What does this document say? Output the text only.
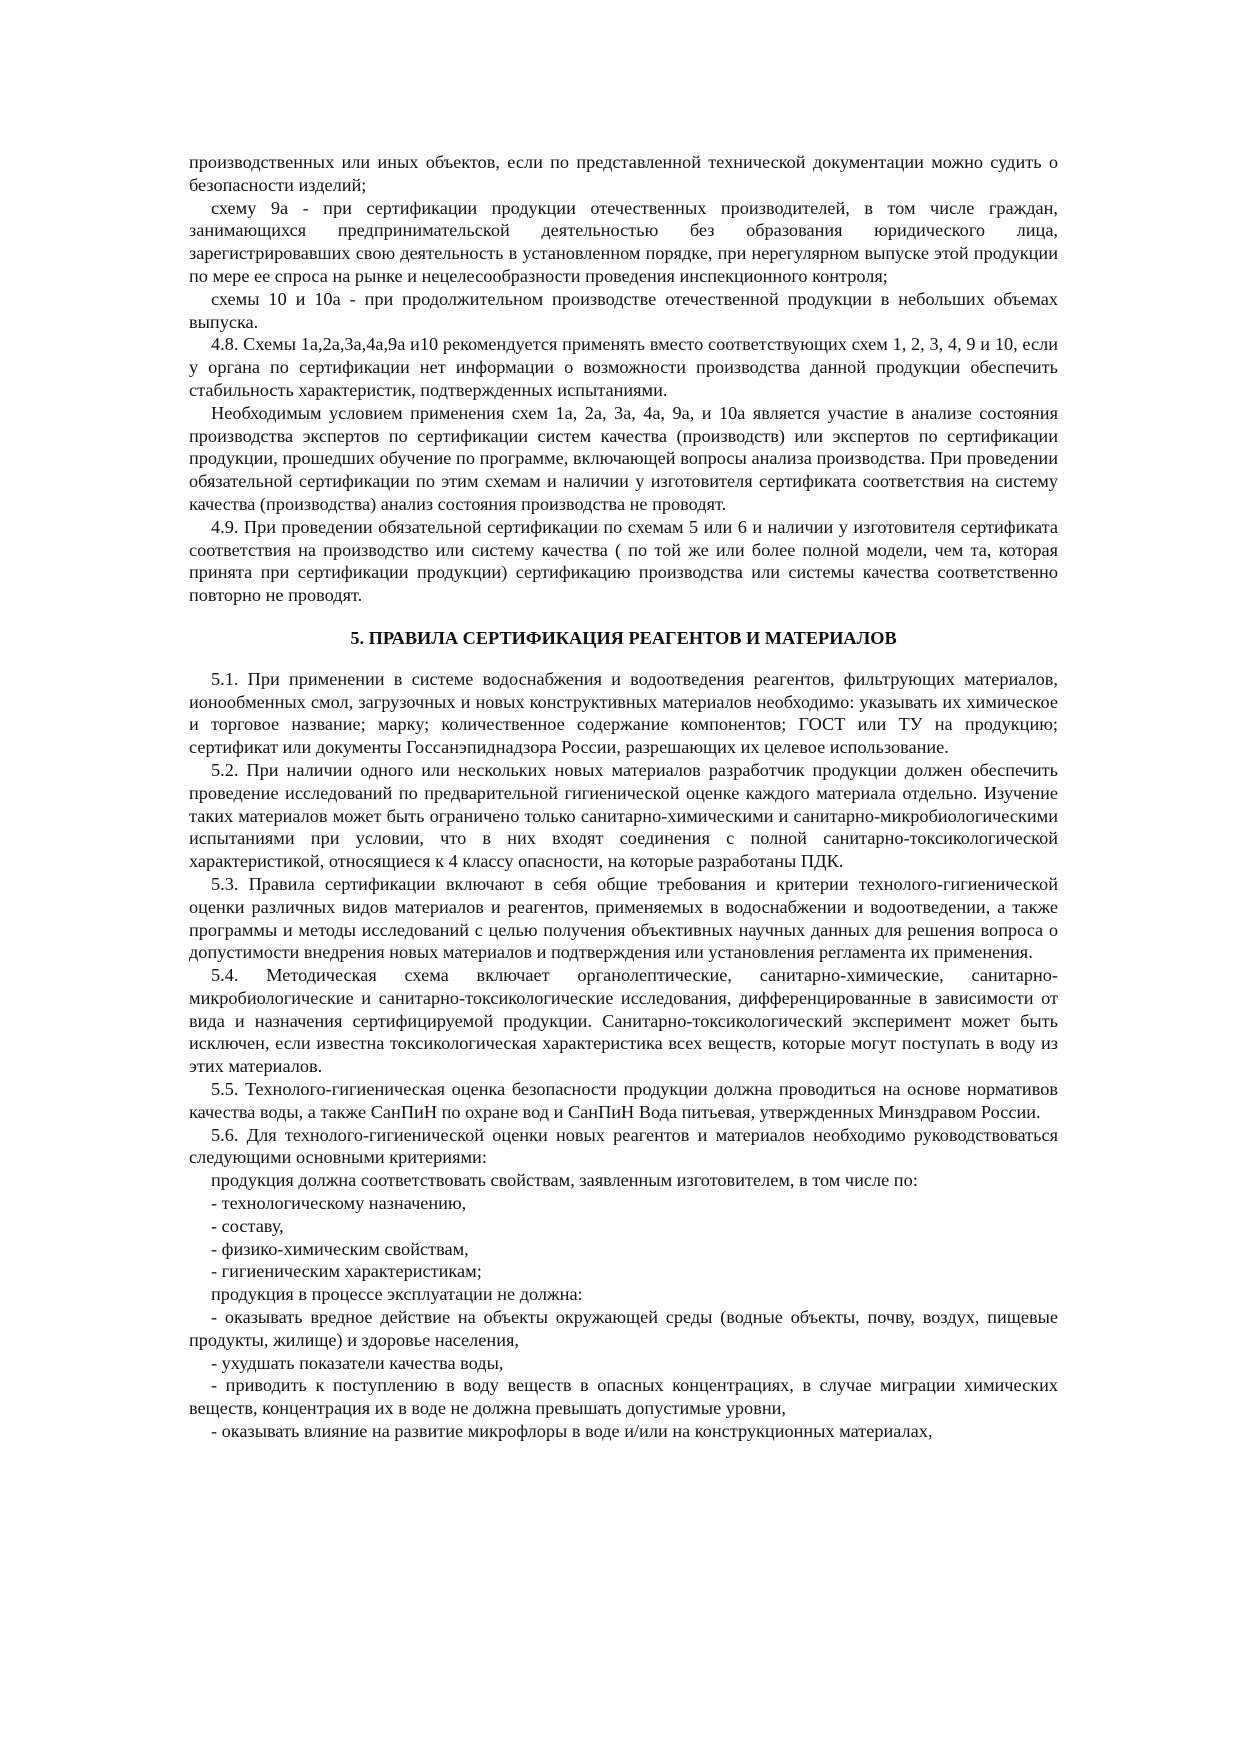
производственных или иных объектов, если по представленной технической документации можно судить о безопасности изделий;

схему 9а - при сертификации продукции отечественных производителей, в том числе граждан, занимающихся предпринимательской деятельностью без образования юридического лица, зарегистрировавших свою деятельность в установленном порядке, при нерегулярном выпуске этой продукции по мере ее спроса на рынке и нецелесообразности проведения инспекционного контроля;

схемы 10 и 10а - при продолжительном производстве отечественной продукции в небольших объемах выпуска.

4.8. Схемы 1а,2а,3а,4а,9а и10 рекомендуется применять вместо соответствующих схем 1, 2, 3, 4, 9 и 10, если у органа по сертификации нет информации о возможности производства данной продукции обеспечить стабильность характеристик, подтвержденных испытаниями.

Необходимым условием применения схем 1а, 2а, 3а, 4а, 9а, и 10а является участие в анализе состояния производства экспертов по сертификации систем качества (производств) или экспертов по сертификации продукции, прошедших обучение по программе, включающей вопросы анализа производства. При проведении обязательной сертификации по этим схемам и наличии у изготовителя сертификата соответствия на систему качества (производства) анализ состояния производства не проводят.

4.9. При проведении обязательной сертификации по схемам 5 или 6 и наличии у изготовителя сертификата соответствия на производство или систему качества ( по той же или более полной модели, чем та, которая принята при сертификации продукции) сертификацию производства или системы качества соответственно повторно не проводят.

5. ПРАВИЛА СЕРТИФИКАЦИЯ РЕАГЕНТОВ И МАТЕРИАЛОВ

5.1. При применении в системе водоснабжения и водоотведения реагентов, фильтрующих материалов, ионообменных смол, загрузочных и новых конструктивных материалов необходимо: указывать их химическое и торговое название; марку; количественное содержание компонентов; ГОСТ или ТУ на продукцию; сертификат или документы Госсанэпиднадзора России, разрешающих их целевое использование.

5.2. При наличии одного или нескольких новых материалов разработчик продукции должен обеспечить проведение исследований по предварительной гигиенической оценке каждого материала отдельно. Изучение таких материалов может быть ограничено только санитарно-химическими и санитарно-микробиологическими испытаниями при условии, что в них входят соединения с полной санитарно-токсикологической характеристикой, относящиеся к 4 классу опасности, на которые разработаны ПДК.

5.3. Правила сертификации включают в себя общие требования и критерии технолого-гигиенической оценки различных видов материалов и реагентов, применяемых в водоснабжении и водоотведении, а также программы и методы исследований с целью получения объективных научных данных для решения вопроса о допустимости внедрения новых материалов и подтверждения или установления регламента их применения.

5.4. Методическая схема включает органолептические, санитарно-химические, санитарно-микробиологические и санитарно-токсикологические исследования, дифференцированные в зависимости от вида и назначения сертифицируемой продукции. Санитарно-токсикологический эксперимент может быть исключен, если известна токсикологическая характеристика всех веществ, которые могут поступать в воду из этих материалов.

5.5. Технолого-гигиеническая оценка безопасности продукции должна проводиться на основе нормативов качества воды, а также СанПиН по охране вод и СанПиН Вода питьевая, утвержденных Минздравом России.

5.6. Для технолого-гигиенической оценки новых реагентов и материалов необходимо руководствоваться следующими основными критериями:

продукция должна соответствовать свойствам, заявленным изготовителем, в том числе по:

- технологическому назначению,

- составу,

- физико-химическим свойствам,

- гигиеническим характеристикам;

продукция в процессе эксплуатации не должна:

- оказывать вредное действие на объекты окружающей среды (водные объекты, почву, воздух, пищевые продукты, жилище) и здоровье населения,

- ухудшать показатели качества воды,

- приводить к поступлению в воду веществ в опасных концентрациях, в случае миграции химических веществ, концентрация их в воде не должна превышать допустимые уровни,

- оказывать влияние на развитие микрофлоры в воде и/или на конструкционных материалах,
